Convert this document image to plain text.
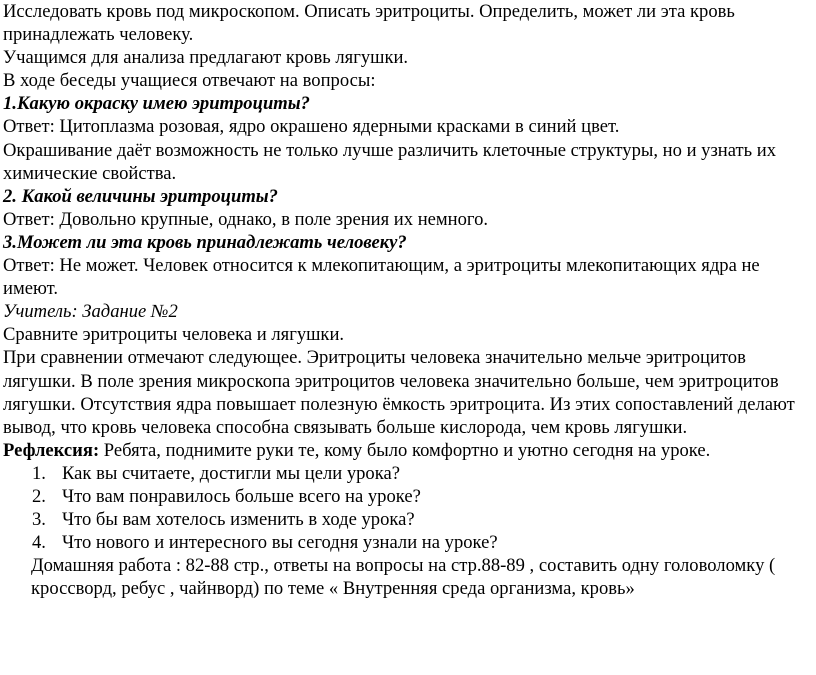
Исследовать кровь под микроскопом. Описать эритроциты. Определить, может ли эта кровь принадлежать человеку.

Учащимся для анализа предлагают кровь лягушки.

В ходе беседы учащиеся отвечают на вопросы:

1.Какую окраску имею эритроциты?

Ответ: Цитоплазма розовая, ядро окрашено ядерными красками в синий цвет.

Окрашивание даёт возможность не только лучше различить клеточные структуры, но и узнать их химические свойства.

2. Какой величины эритроциты?

Ответ: Довольно крупные, однако, в поле зрения их немного.

3.Может ли эта кровь принадлежать человеку?

Ответ: Не может. Человек относится к млекопитающим, а эритроциты млекопитающих ядра не имеют.

Учитель: Задание №2

Сравните эритроциты человека и лягушки.

При сравнении отмечают следующее. Эритроциты человека значительно мельче эритроцитов лягушки. В поле зрения микроскопа эритроцитов человека значительно больше, чем эритроцитов лягушки. Отсутствия ядра повышает полезную ёмкость эритроцита. Из этих сопоставлений делают вывод, что кровь человека способна связывать больше кислорода, чем кровь лягушки.

Рефлексия: Ребята, поднимите руки те, кому было комфортно и уютно сегодня на уроке.

1. Как вы считаете, достигли мы цели урока?
2. Что вам понравилось больше всего на уроке?
3. Что бы вам хотелось изменить в ходе урока?
4. Что нового и интересного вы сегодня узнали на уроке?

Домашняя работа : 82-88 стр., ответы на вопросы на стр.88-89 , составить одну головоломку ( кроссворд, ребус , чайнворд) по теме « Внутренняя среда организма, кровь»
